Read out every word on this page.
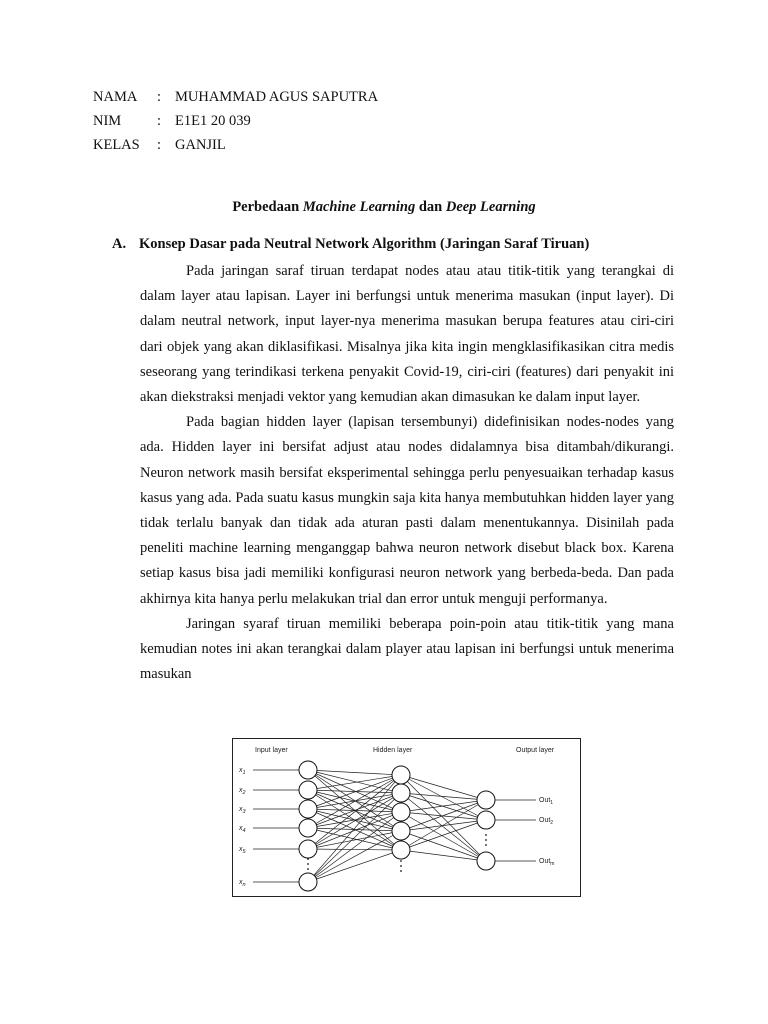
NAMA : MUHAMMAD AGUS SAPUTRA
NIM : E1E1 20 039
KELAS : GANJIL
Perbedaan Machine Learning dan Deep Learning
A. Konsep Dasar pada Neutral Network Algorithm (Jaringan Saraf Tiruan)

Pada jaringan saraf tiruan terdapat nodes atau atau titik-titik yang terangkai di dalam layer atau lapisan. Layer ini berfungsi untuk menerima masukan (input layer). Di dalam neutral network, input layer-nya menerima masukan berupa features atau ciri-ciri dari objek yang akan diklasifikasi. Misalnya jika kita ingin mengklasifikasikan citra medis seseorang yang terindikasi terkena penyakit Covid-19, ciri-ciri (features) dari penyakit ini akan diekstraksi menjadi vektor yang kemudian akan dimasukan ke dalam input layer.

Pada bagian hidden layer (lapisan tersembunyi) didefinisikan nodes-nodes yang ada. Hidden layer ini bersifat adjust atau nodes didalamnya bisa ditambah/dikurangi. Neuron network masih bersifat eksperimental sehingga perlu penyesuaikan terhadap kasus kasus yang ada. Pada suatu kasus mungkin saja kita hanya membutuhkan hidden layer yang tidak terlalu banyak dan tidak ada aturan pasti dalam menentukannya. Disinilah pada peneliti machine learning menganggap bahwa neuron network disebut black box. Karena setiap kasus bisa jadi memiliki konfigurasi neuron network yang berbeda-beda. Dan pada akhirnya kita hanya perlu melakukan trial dan error untuk menguji performanya.

Jaringan syaraf tiruan memiliki beberapa poin-poin atau titik-titik yang mana kemudian notes ini akan terangkai dalam player atau lapisan ini berfungsi untuk menerima masukan

Input layer	Hidden layer	Output layer
$x_1$
$x_2$
$x_3$
$x_4$
$x_5$
$x_n$
Out$_1$
Out$_2$
Out$_m$
